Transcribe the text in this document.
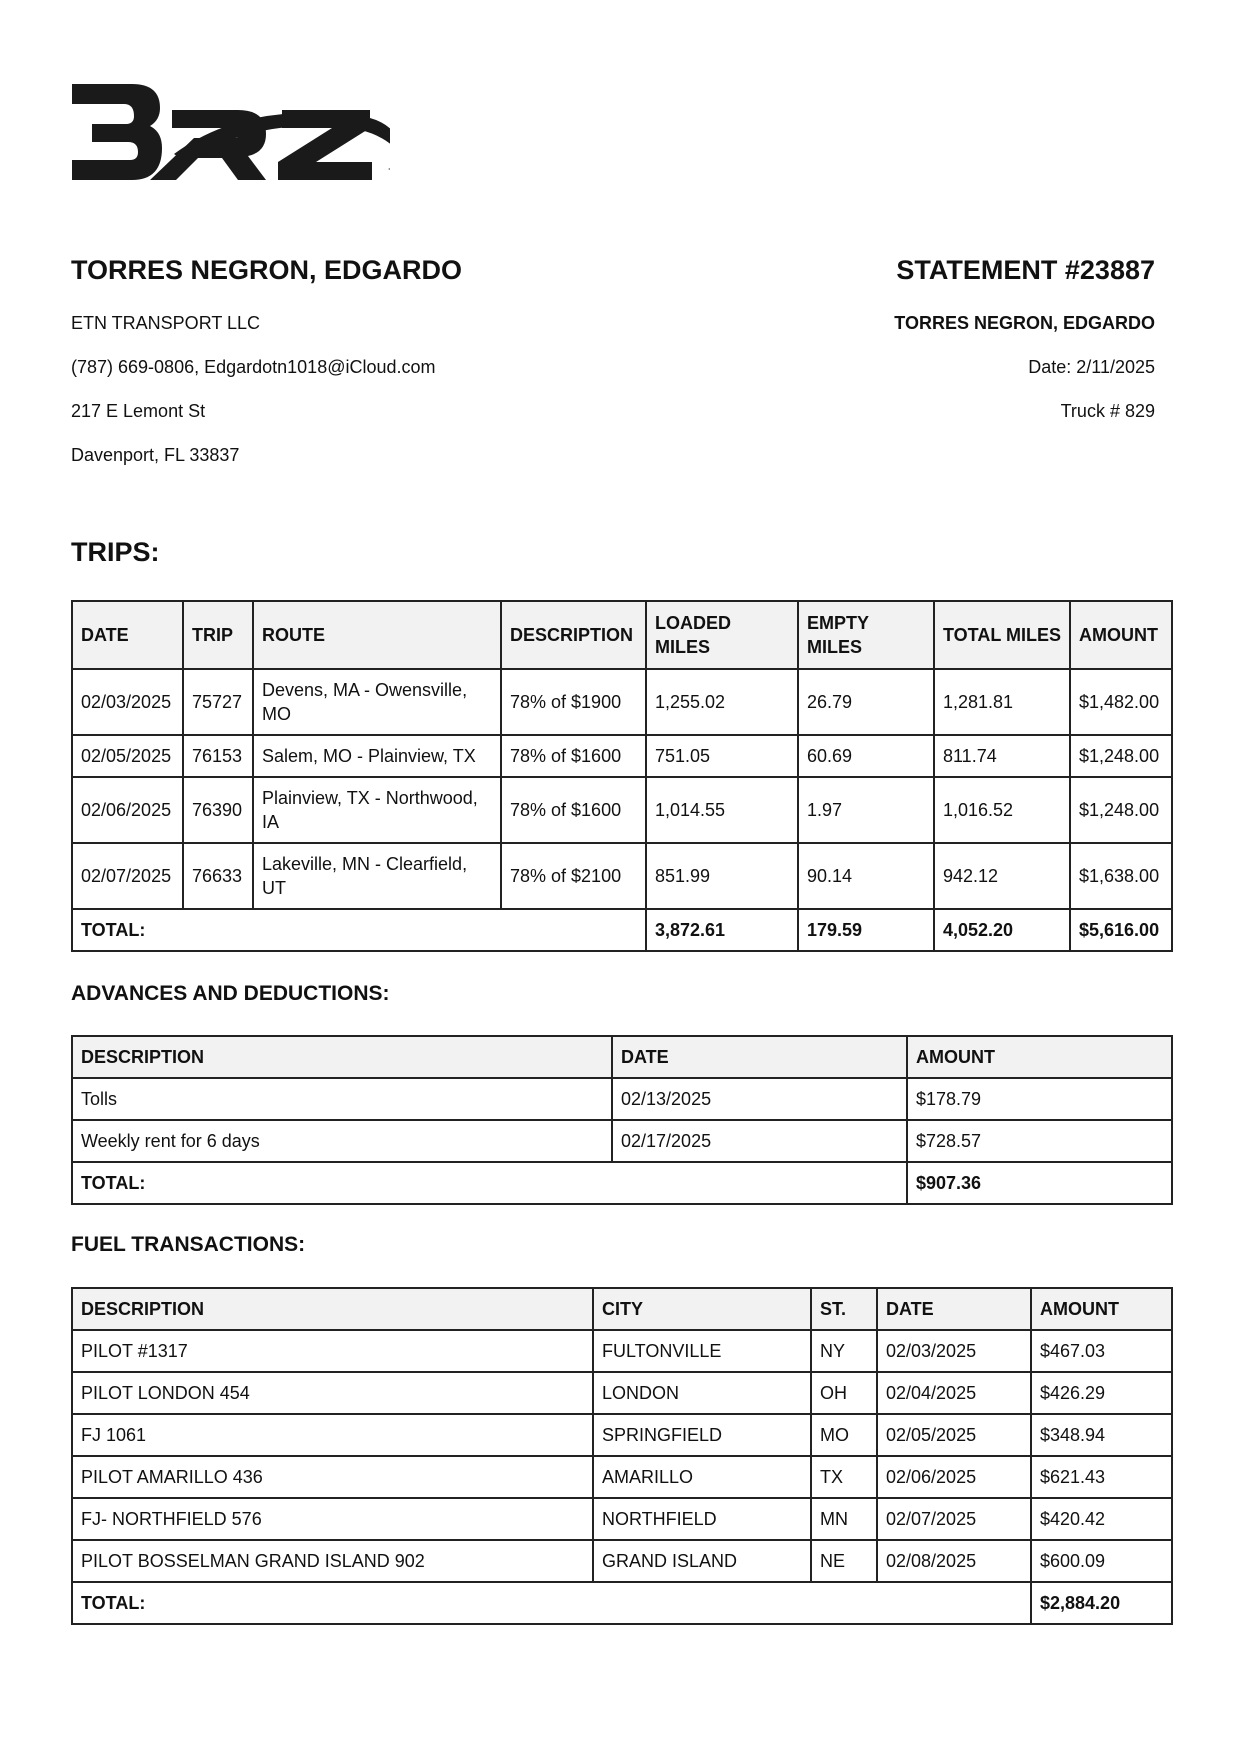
TORRES NEGRON, EDGARDO
ETN TRANSPORT LLC
(787) 669-0806, Edgardotn1018@iCloud.com
217 E Lemont St
Davenport, FL 33837
STATEMENT #23887
TORRES NEGRON, EDGARDO
Date: 2/11/2025
Truck # 829
TRIPS:
DATE	TRIP	ROUTE	DESCRIPTION	LOADED MILES	EMPTY MILES	TOTAL MILES	AMOUNT
02/03/2025	75727	Devens, MA - Owensville, MO	78% of $1900	1,255.02	26.79	1,281.81	$1,482.00
02/05/2025	76153	Salem, MO - Plainview, TX	78% of $1600	751.05	60.69	811.74	$1,248.00
02/06/2025	76390	Plainview, TX - Northwood, IA	78% of $1600	1,014.55	1.97	1,016.52	$1,248.00
02/07/2025	76633	Lakeville, MN - Clearfield, UT	78% of $2100	851.99	90.14	942.12	$1,638.00
TOTAL:				3,872.61	179.59	4,052.20	$5,616.00
ADVANCES AND DEDUCTIONS:
DESCRIPTION	DATE	AMOUNT
Tolls	02/13/2025	$178.79
Weekly rent for 6 days	02/17/2025	$728.57
TOTAL:		$907.36
FUEL TRANSACTIONS:
DESCRIPTION	CITY	ST.	DATE	AMOUNT
PILOT #1317	FULTONVILLE	NY	02/03/2025	$467.03
PILOT LONDON 454	LONDON	OH	02/04/2025	$426.29
FJ 1061	SPRINGFIELD	MO	02/05/2025	$348.94
PILOT AMARILLO 436	AMARILLO	TX	02/06/2025	$621.43
FJ- NORTHFIELD 576	NORTHFIELD	MN	02/07/2025	$420.42
PILOT BOSSELMAN GRAND ISLAND 902	GRAND ISLAND	NE	02/08/2025	$600.09
TOTAL:				$2,884.20
